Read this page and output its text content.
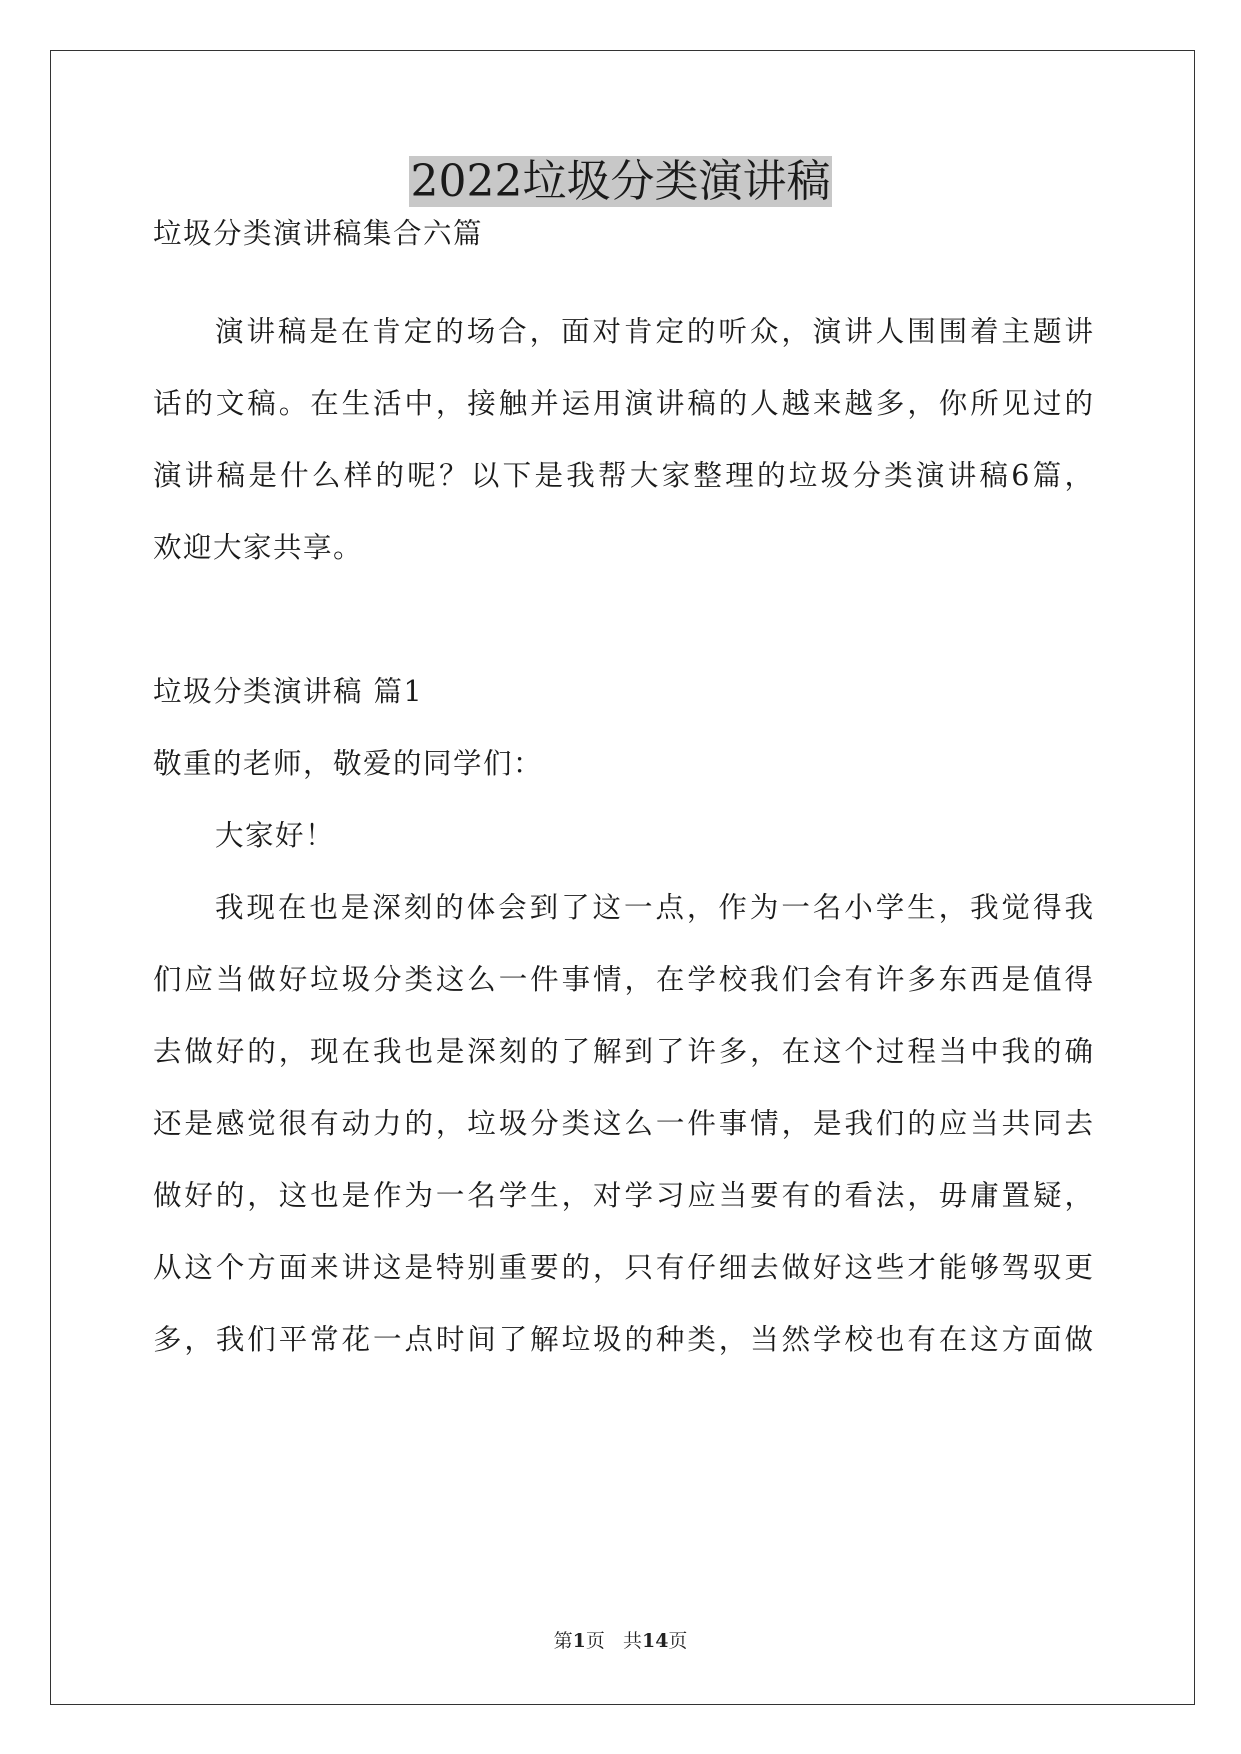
2022垃圾分类演讲稿

垃圾分类演讲稿集合六篇

演讲稿是在肯定的场合，面对肯定的听众，演讲人围围着主题讲

话的文稿。在生活中，接触并运用演讲稿的人越来越多，你所见过的

演讲稿是什么样的呢？以下是我帮大家整理的垃圾分类演讲稿6篇，

欢迎大家共享。

垃圾分类演讲稿 篇1

敬重的老师，敬爱的同学们：

大家好！

我现在也是深刻的体会到了这一点，作为一名小学生，我觉得我

们应当做好垃圾分类这么一件事情，在学校我们会有许多东西是值得

去做好的，现在我也是深刻的了解到了许多，在这个过程当中我的确

还是感觉很有动力的，垃圾分类这么一件事情，是我们的应当共同去

做好的，这也是作为一名学生，对学习应当要有的看法，毋庸置疑，

从这个方面来讲这是特别重要的，只有仔细去做好这些才能够驾驭更

多，我们平常花一点时间了解垃圾的种类，当然学校也有在这方面做

第1页 共14页
